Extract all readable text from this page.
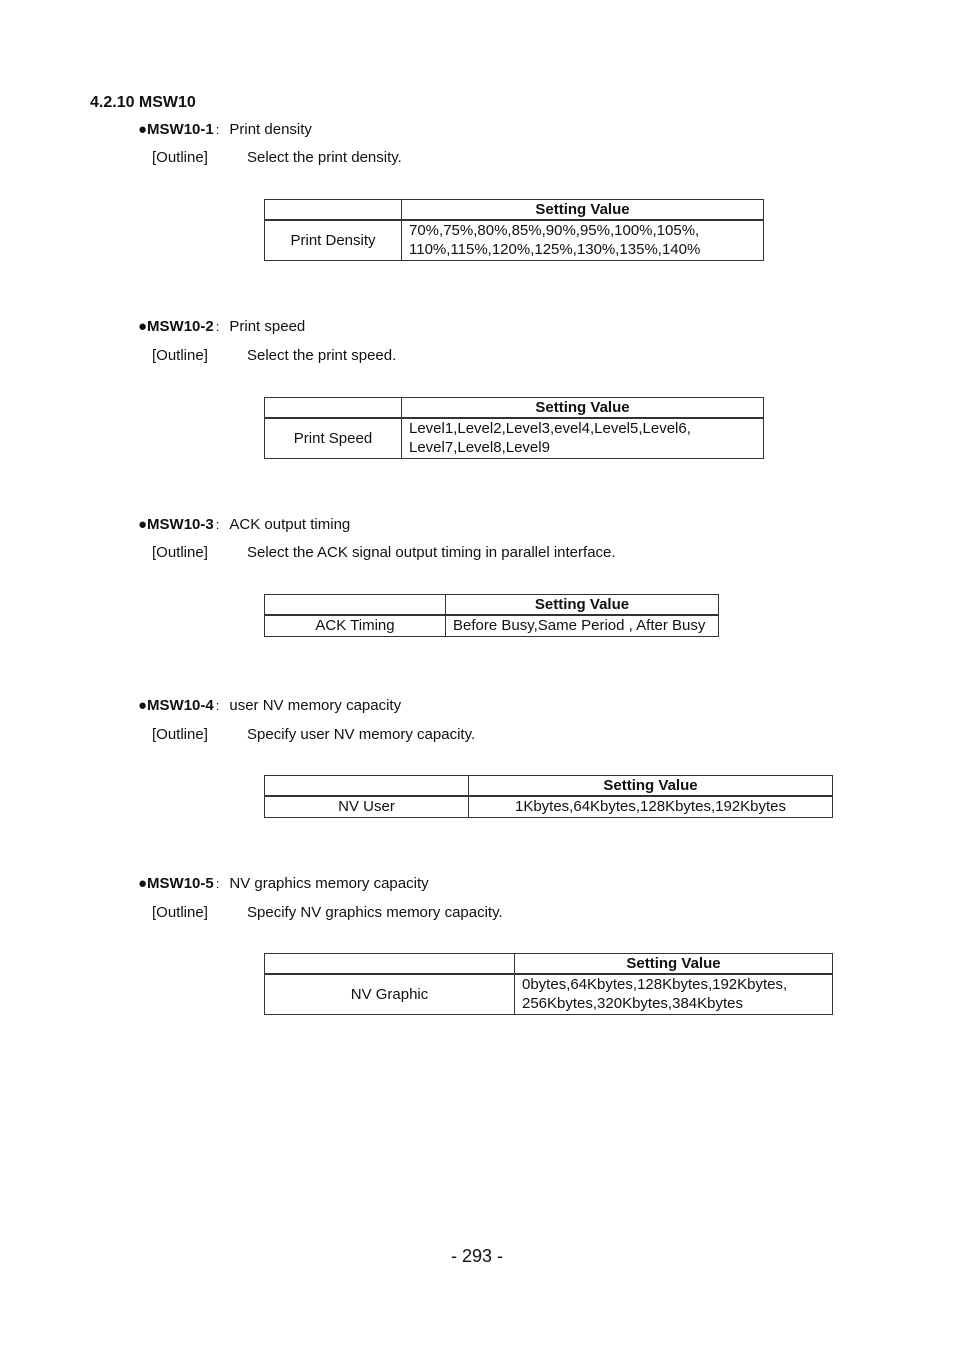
4.2.10 MSW10
●MSW10-1 : Print density
[Outline]	Select the print density.
	Setting Value
Print Density	70%,75%,80%,85%,90%,95%,100%,105%,
110%,115%,120%,125%,130%,135%,140%
●MSW10-2 : Print speed
[Outline]	Select the print speed.
	Setting Value
Print Speed	Level1,Level2,Level3,evel4,Level5,Level6,
Level7,Level8,Level9
●MSW10-3 : ACK output timing
[Outline]	Select the ACK signal output timing in parallel interface.
	Setting Value
ACK Timing	Before Busy,Same Period , After Busy
●MSW10-4 : user NV memory capacity
[Outline]	Specify user NV memory capacity.
	Setting Value
NV User	1Kbytes,64Kbytes,128Kbytes,192Kbytes
●MSW10-5 : NV graphics memory capacity
[Outline]	Specify NV graphics memory capacity.
	Setting Value
NV Graphic	0bytes,64Kbytes,128Kbytes,192Kbytes,
256Kbytes,320Kbytes,384Kbytes
- 293 -
